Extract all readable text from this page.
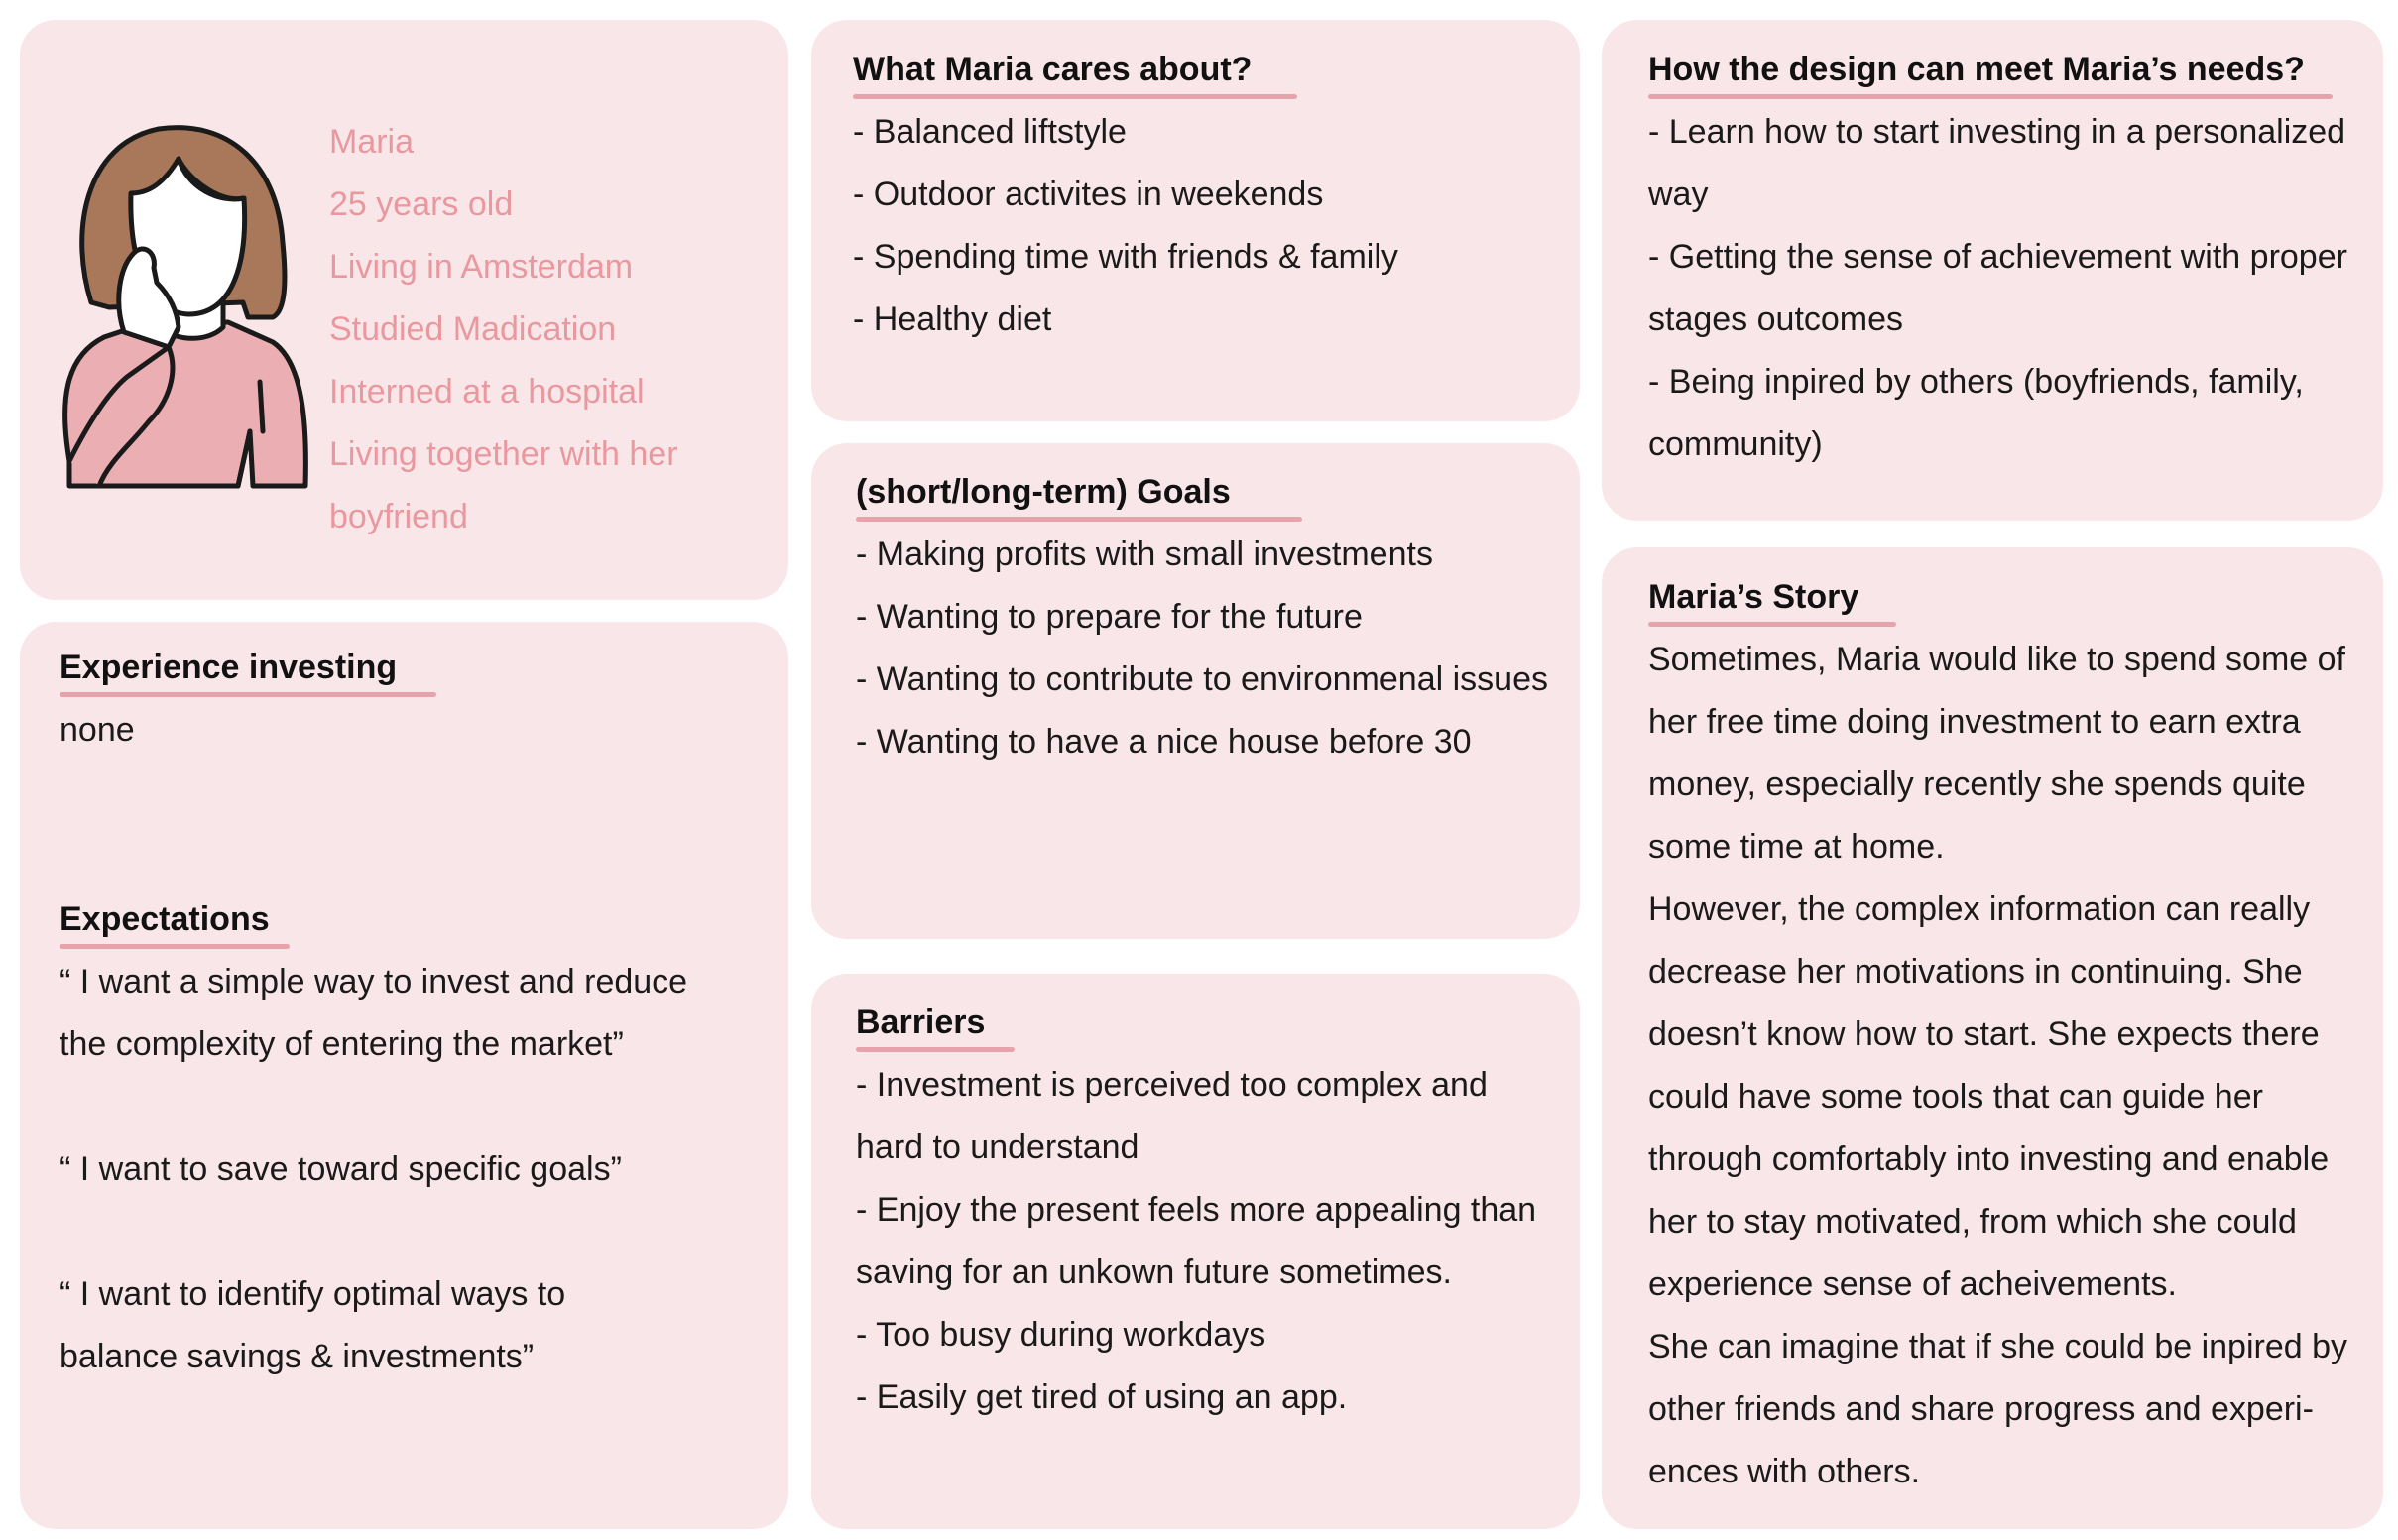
Maria
25 years old
Living in Amsterdam
Studied Madication
Interned at a hospital
Living together with her
boyfriend
What Maria cares about?
- Balanced liftstyle
- Outdoor activites in weekends
- Spending time with friends & family
- Healthy diet
How the design can meet Maria’s needs?
- Learn how to start investing in a personalized
way
- Getting the sense of achievement with proper
stages outcomes
- Being inpired by others (boyfriends, family,
community)
(short/long-term) Goals
- Making profits with small investments
- Wanting to prepare for the future
- Wanting to contribute to environmenal issues
- Wanting to have a nice house before 30
Experience investing
none
Expectations
“ I want a simple way to invest and reduce
the complexity of entering the market”
“ I want to save toward specific goals”
“ I want to identify optimal ways to
balance savings & investments”
Barriers
- Investment is perceived too complex and
hard to understand
- Enjoy the present feels more appealing than
saving for an unkown future sometimes.
- Too busy during workdays
- Easily get tired of using an app.
Maria’s Story
Sometimes, Maria would like to spend some of
her free time doing investment to earn extra
money, especially recently she spends quite
some time at home.
However, the complex information can really
decrease her motivations in continuing. She
doesn’t know how to start. She expects there
could have some tools that can guide her
through comfortably into investing and enable
her to stay motivated, from which she could
experience sense of acheivements.
She can imagine that if she could be inpired by
other friends and share progress and experi-
ences with others.
